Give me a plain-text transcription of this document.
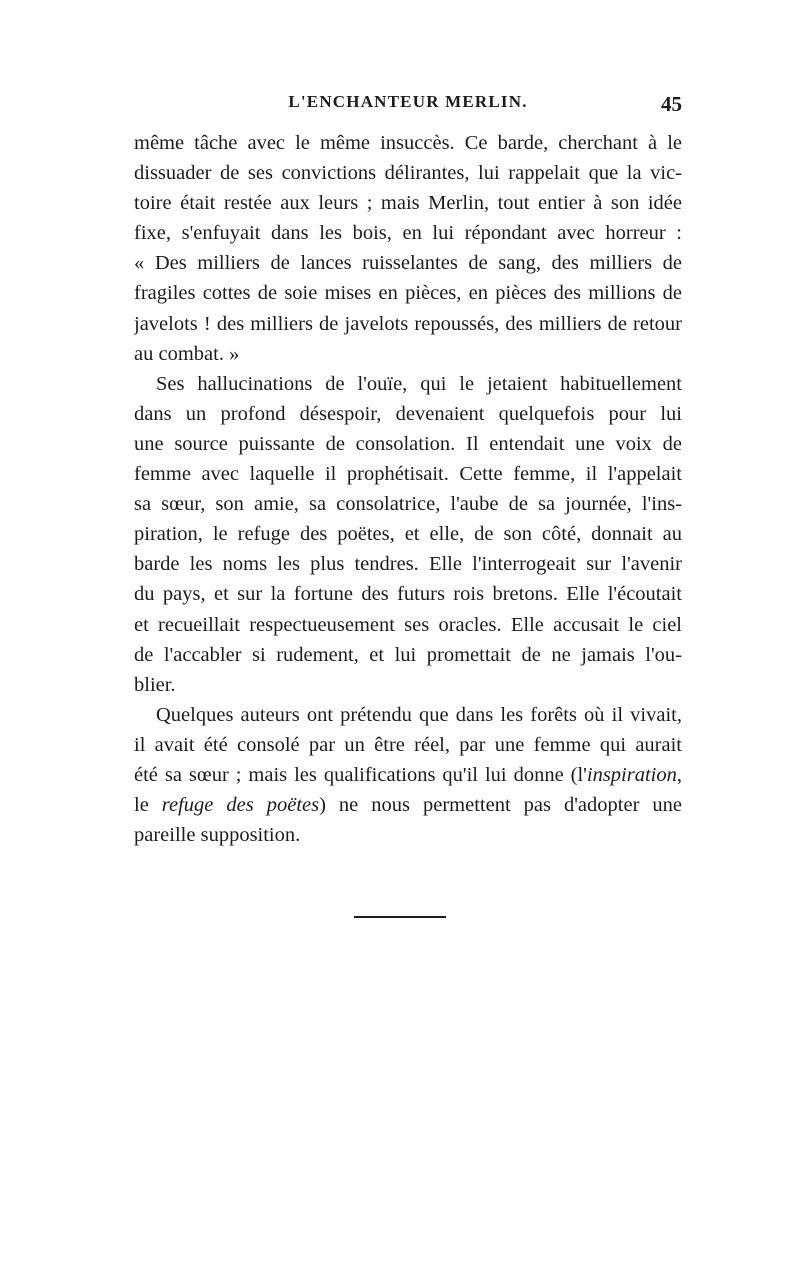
L'ENCHANTEUR MERLIN.	45
même tâche avec le même insuccès. Ce barde, cherchant à le
dissuader de ses convictions délirantes, lui rappelait que la vic-
toire était restée aux leurs ; mais Merlin, tout entier à son idée
fixe, s'enfuyait dans les bois, en lui répondant avec horreur :
« Des milliers de lances ruisselantes de sang, des milliers de
fragiles cottes de soie mises en pièces, en pièces des millions de
javelots ! des milliers de javelots repoussés, des milliers de retour
au combat. »
Ses hallucinations de l'ouïe, qui le jetaient habituellement
dans un profond désespoir, devenaient quelquefois pour lui
une source puissante de consolation. Il entendait une voix de
femme avec laquelle il prophétisait. Cette femme, il l'appelait
sa sœur, son amie, sa consolatrice, l'aube de sa journée, l'ins-
piration, le refuge des poëtes, et elle, de son côté, donnait au
barde les noms les plus tendres. Elle l'interrogeait sur l'avenir
du pays, et sur la fortune des futurs rois bretons. Elle l'écoutait
et recueillait respectueusement ses oracles. Elle accusait le ciel
de l'accabler si rudement, et lui promettait de ne jamais l'ou-
blier.
Quelques auteurs ont prétendu que dans les forêts où il vivait,
il avait été consolé par un être réel, par une femme qui aurait
été sa sœur ; mais les qualifications qu'il lui donne (l'inspiration,
le refuge des poëtes) ne nous permettent pas d'adopter une
pareille supposition.
